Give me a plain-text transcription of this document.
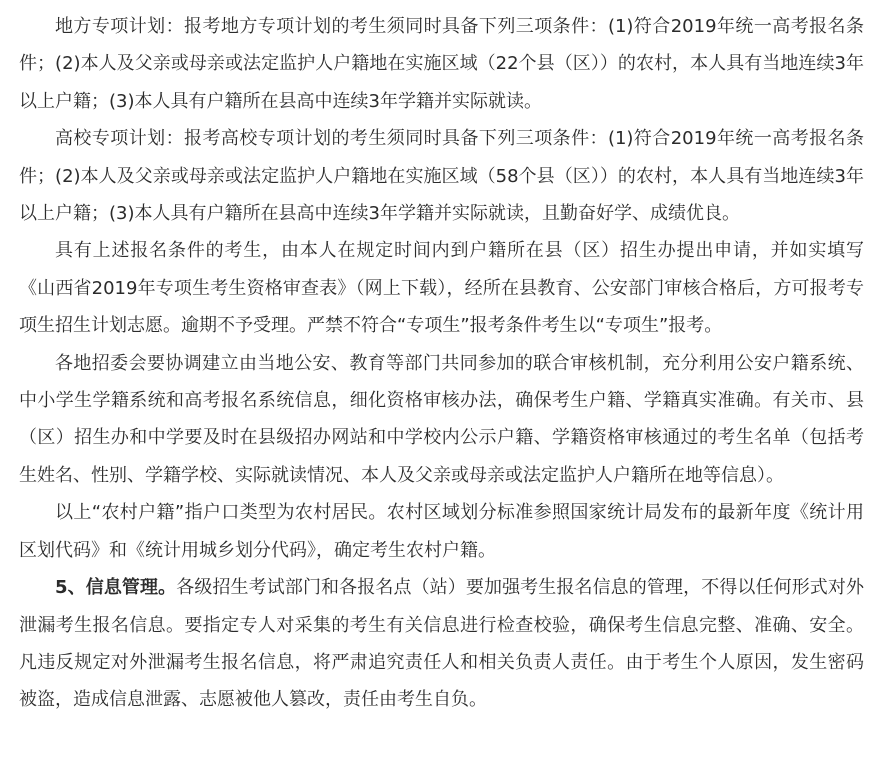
地方专项计划：报考地方专项计划的考生须同时具备下列三项条件：(1)符合2019年统一高考报名条件；(2)本人及父亲或母亲或法定监护人户籍地在实施区域（22个县（区））的农村，本人具有当地连续3年以上户籍；(3)本人具有户籍所在县高中连续3年学籍并实际就读。

高校专项计划：报考高校专项计划的考生须同时具备下列三项条件：(1)符合2019年统一高考报名条件；(2)本人及父亲或母亲或法定监护人户籍地在实施区域（58个县（区））的农村，本人具有当地连续3年以上户籍；(3)本人具有户籍所在县高中连续3年学籍并实际就读，且勤奋好学、成绩优良。

具有上述报名条件的考生，由本人在规定时间内到户籍所在县（区）招生办提出申请，并如实填写《山西省2019年专项生考生资格审查表》（网上下载），经所在县教育、公安部门审核合格后，方可报考专项生招生计划志愿。逾期不予受理。严禁不符合“专项生”报考条件考生以“专项生”报考。

各地招委会要协调建立由当地公安、教育等部门共同参加的联合审核机制，充分利用公安户籍系统、中小学生学籍系统和高考报名系统信息，细化资格审核办法，确保考生户籍、学籍真实准确。有关市、县（区）招生办和中学要及时在县级招办网站和中学校内公示户籍、学籍资格审核通过的考生名单（包括考生姓名、性别、学籍学校、实际就读情况、本人及父亲或母亲或法定监护人户籍所在地等信息）。

以上“农村户籍”指户口类型为农村居民。农村区域划分标准参照国家统计局发布的最新年度《统计用区划代码》和《统计用城乡划分代码》，确定考生农村户籍。

5、信息管理。各级招生考试部门和各报名点（站）要加强考生报名信息的管理，不得以任何形式对外泄漏考生报名信息。要指定专人对采集的考生有关信息进行检查校验，确保考生信息完整、准确、安全。凡违反规定对外泄漏考生报名信息，将严肃追究责任人和相关负责人责任。由于考生个人原因，发生密码被盗，造成信息泄露、志愿被他人篡改，责任由考生自负。
